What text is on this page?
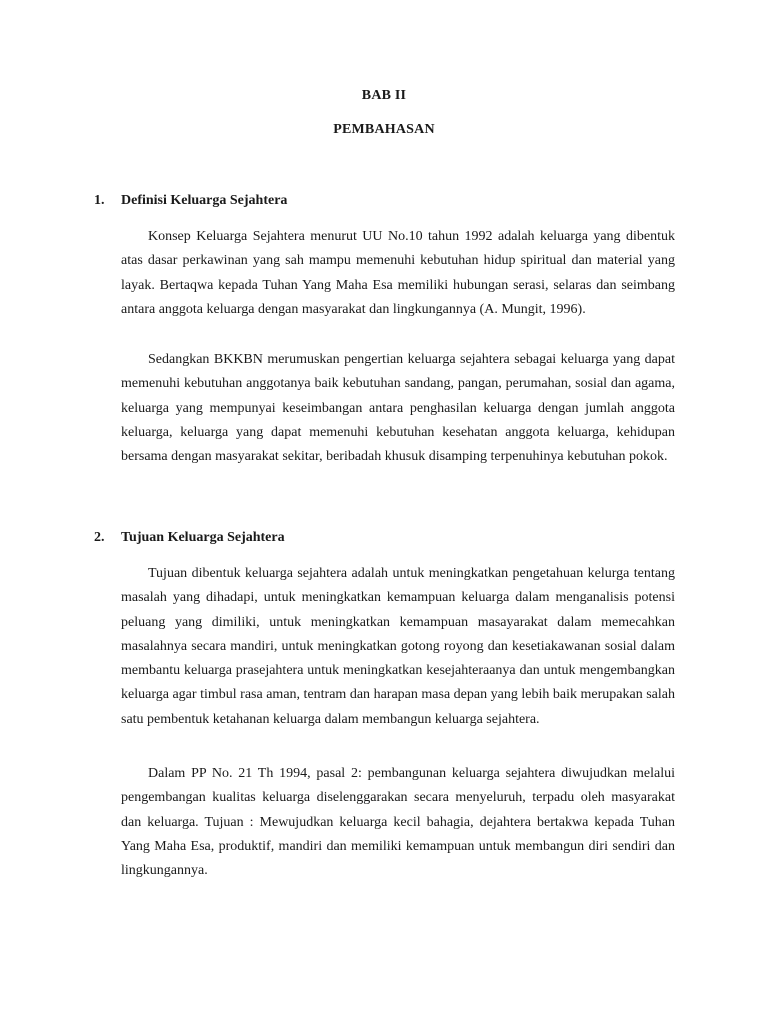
BAB II
PEMBAHASAN
1. Definisi Keluarga Sejahtera

Konsep Keluarga Sejahtera menurut UU No.10 tahun 1992 adalah keluarga yang dibentuk atas dasar perkawinan yang sah mampu memenuhi kebutuhan hidup spiritual dan material yang layak. Bertaqwa kepada Tuhan Yang Maha Esa memiliki hubungan serasi, selaras dan seimbang antara anggota keluarga dengan masyarakat dan lingkungannya (A. Mungit, 1996).

Sedangkan BKKBN merumuskan pengertian keluarga sejahtera sebagai keluarga yang dapat memenuhi kebutuhan anggotanya baik kebutuhan sandang, pangan, perumahan, sosial dan agama, keluarga yang mempunyai keseimbangan antara penghasilan keluarga dengan jumlah anggota keluarga, keluarga yang dapat memenuhi kebutuhan kesehatan anggota keluarga, kehidupan bersama dengan masyarakat sekitar, beribadah khusuk disamping terpenuhinya kebutuhan pokok.

2. Tujuan Keluarga Sejahtera

Tujuan dibentuk keluarga sejahtera adalah untuk meningkatkan pengetahuan kelurga tentang masalah yang dihadapi, untuk meningkatkan kemampuan keluarga dalam menganalisis potensi peluang yang dimiliki, untuk meningkatkan kemampuan masayarakat dalam memecahkan masalahnya secara mandiri, untuk meningkatkan gotong royong dan kesetiakawanan sosial dalam membantu keluarga prasejahtera untuk meningkatkan kesejahteraanya dan untuk mengembangkan keluarga agar timbul rasa aman, tentram dan harapan masa depan yang lebih baik merupakan salah satu pembentuk ketahanan keluarga dalam membangun keluarga sejahtera.

Dalam PP No. 21 Th 1994, pasal 2: pembangunan keluarga sejahtera diwujudkan melalui pengembangan kualitas keluarga diselenggarakan secara menyeluruh, terpadu oleh masyarakat dan keluarga. Tujuan : Mewujudkan keluarga kecil bahagia, dejahtera bertakwa kepada Tuhan Yang Maha Esa, produktif, mandiri dan memiliki kemampuan untuk membangun diri sendiri dan lingkungannya.
